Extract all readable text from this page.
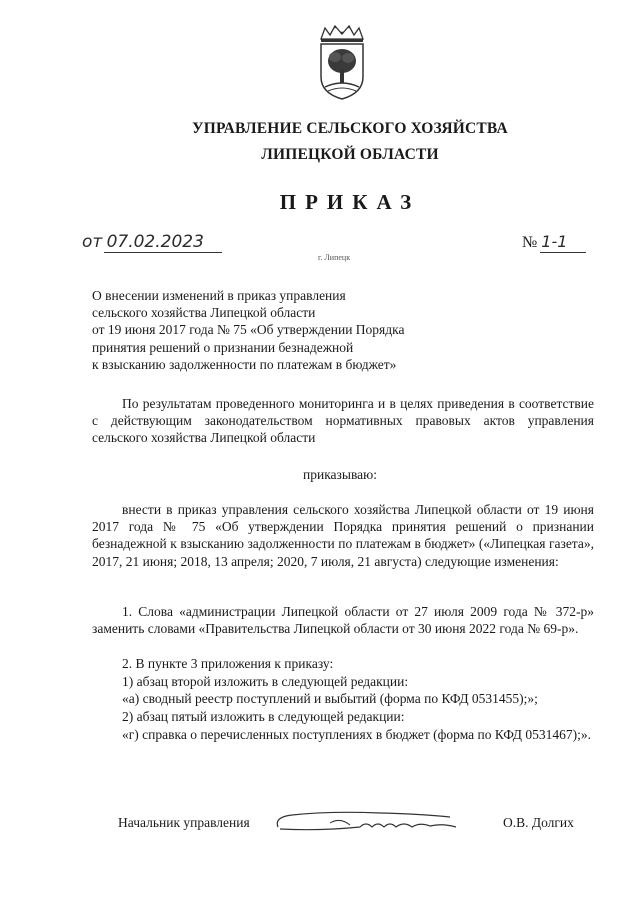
УПРАВЛЕНИЕ СЕЛЬСКОГО ХОЗЯЙСТВА
ЛИПЕЦКОЙ ОБЛАСТИ
ПРИКАЗ
от 07.02.2023
г. Липецк
№ 1-1
О внесении изменений в приказ управления
сельского хозяйства Липецкой области
от 19 июня 2017 года № 75 «Об утверждении Порядка
принятия решений о признании безнадежной
к взысканию задолженности по платежам в бюджет»
По результатам проведенного мониторинга и в целях приведения в соответствие с действующим законодательством нормативных правовых актов управления сельского хозяйства Липецкой области
приказываю:
внести в приказ управления сельского хозяйства Липецкой области от 19 июня 2017 года № 75 «Об утверждении Порядка принятия решений о признании безнадежной к взысканию задолженности по платежам в бюджет» («Липецкая газета», 2017, 21 июня; 2018, 13 апреля; 2020, 7 июля, 21 августа) следующие изменения:
1. Слова «администрации Липецкой области от 27 июля 2009 года № 372-р» заменить словами «Правительства Липецкой области от 30 июня 2022 года № 69-р».
2. В пункте 3 приложения к приказу:
1) абзац второй изложить в следующей редакции:
«а) сводный реестр поступлений и выбытий (форма по КФД 0531455);»;
2) абзац пятый изложить в следующей редакции:
«г) справка о перечисленных поступлениях в бюджет (форма по КФД 0531467);».
Начальник управления	О.В. Долгих
